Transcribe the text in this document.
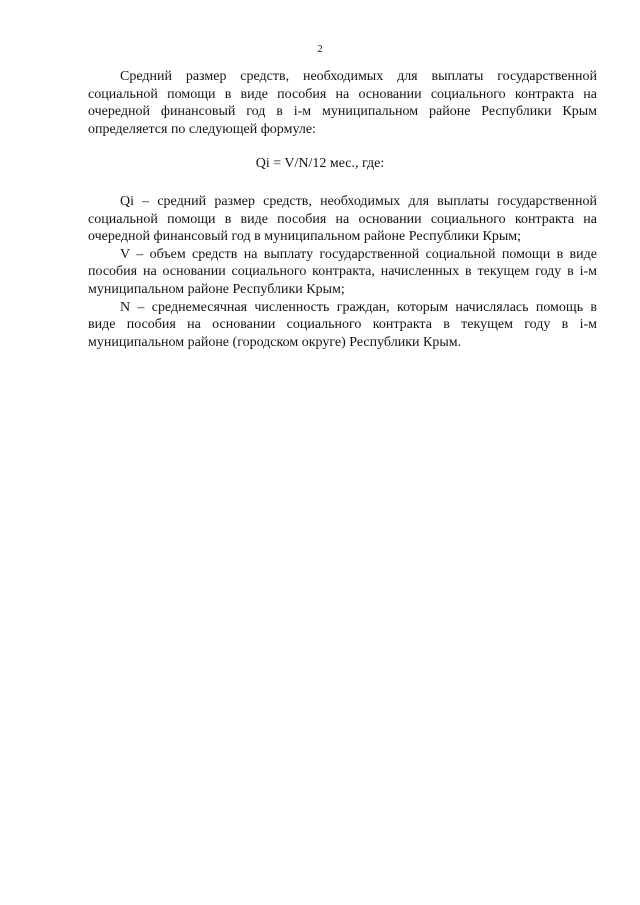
2

Средний размер средств, необходимых для выплаты государственной социальной помощи в виде пособия на основании социального контракта на очередной финансовый год в i-м муниципальном районе Республики Крым определяется по следующей формуле:

Qi = V/N/12 мес., где:

Qi – средний размер средств, необходимых для выплаты государственной социальной помощи в виде пособия на основании социального контракта на очередной финансовый год в муниципальном районе Республики Крым;

V – объем средств на выплату государственной социальной помощи в виде пособия на основании социального контракта, начисленных в текущем году в i-м муниципальном районе Республики Крым;

N – среднемесячная численность граждан, которым начислялась помощь в виде пособия на основании социального контракта в текущем году в i-м муниципальном районе (городском округе) Республики Крым.
